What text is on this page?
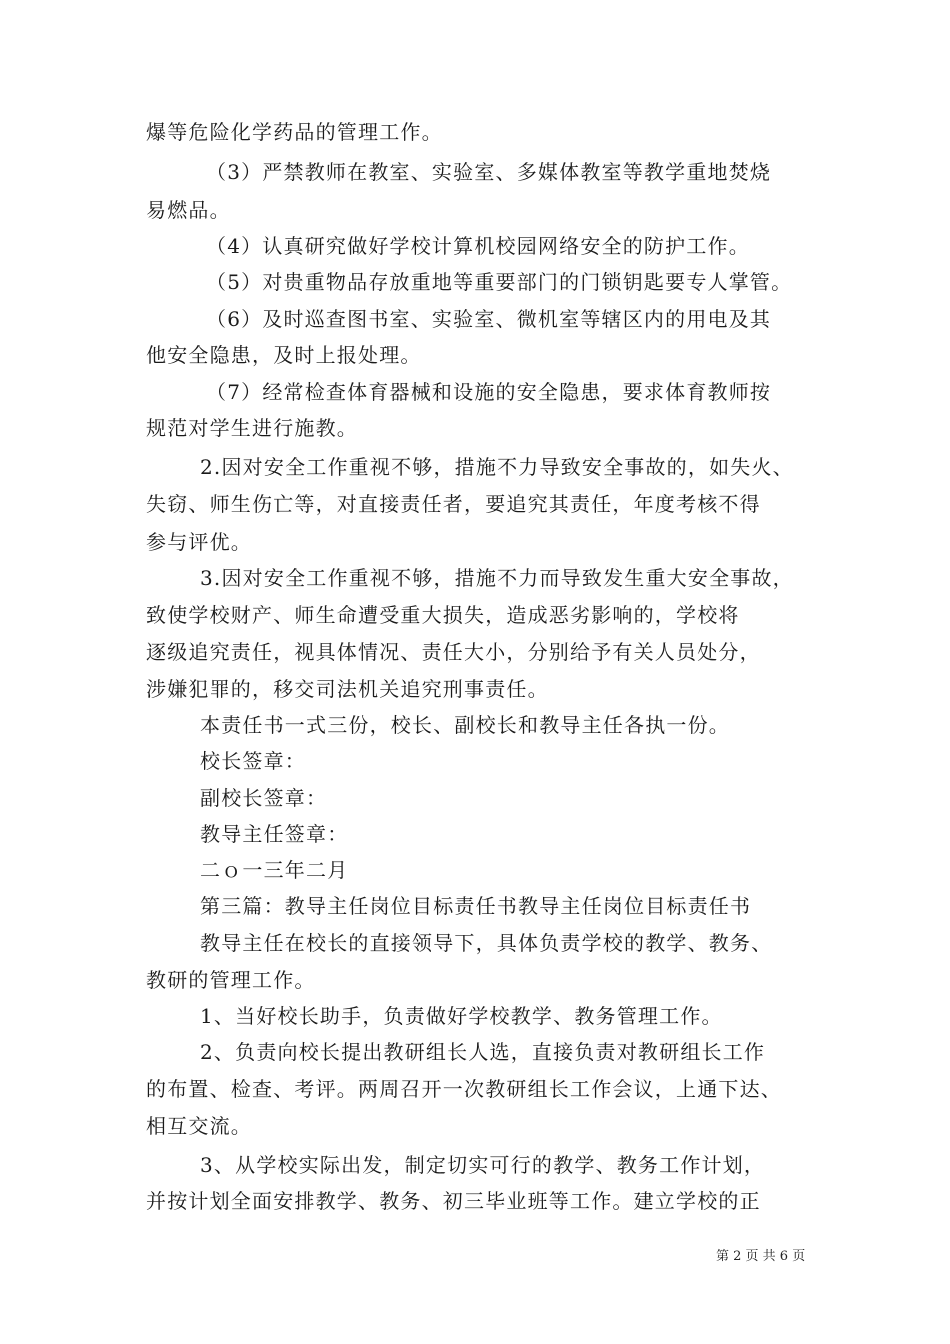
爆等危险化学药品的管理工作。
（3）严禁教师在教室、实验室、多媒体教室等教学重地焚烧
易燃品。
（4）认真研究做好学校计算机校园网络安全的防护工作。
（5）对贵重物品存放重地等重要部门的门锁钥匙要专人掌管。
（6）及时巡查图书室、实验室、微机室等辖区内的用电及其
他安全隐患，及时上报处理。
（7）经常检查体育器械和设施的安全隐患，要求体育教师按
规范对学生进行施教。
2.因对安全工作重视不够，措施不力导致安全事故的，如失火、
失窃、师生伤亡等，对直接责任者，要追究其责任，年度考核不得
参与评优。
3.因对安全工作重视不够，措施不力而导致发生重大安全事故，
致使学校财产、师生命遭受重大损失，造成恶劣影响的，学校将
逐级追究责任，视具体情况、责任大小，分别给予有关人员处分，
涉嫌犯罪的，移交司法机关追究刑事责任。
本责任书一式三份，校长、副校长和教导主任各执一份。
校长签章：
副校长签章：
教导主任签章：
二ｏ一三年二月
第三篇：教导主任岗位目标责任书教导主任岗位目标责任书
教导主任在校长的直接领导下，具体负责学校的教学、教务、
教研的管理工作。
1、当好校长助手，负责做好学校教学、教务管理工作。
2、负责向校长提出教研组长人选，直接负责对教研组长工作
的布置、检查、考评。两周召开一次教研组长工作会议，上通下达、
相互交流。
3、从学校实际出发，制定切实可行的教学、教务工作计划，
并按计划全面安排教学、教务、初三毕业班等工作。建立学校的正
第 2 页 共 6 页
